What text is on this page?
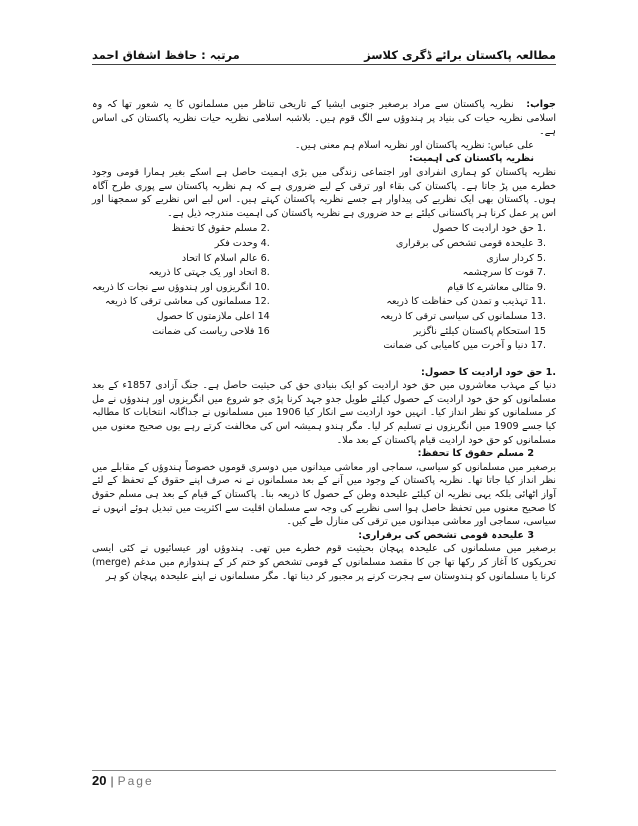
مطالعہ پاکستان برائے ڈگری کلاسز
مرتبہ : حافظ اشفاق احمد

جواب: نظریہ پاکستان سے مراد برصغیر جنوبی ایشیا کے تاریخی تناظر میں مسلمانوں کا یہ شعور تھا کہ وہ اسلامی نظریہ حیات کی بنیاد پر ہندوؤں سے الگ قوم ہیں۔ بلاشبہ اسلامی نظریہ حیات نظریہ پاکستان کی اساس ہے۔

علی عباس: نظریہ پاکستان اور نظریہ اسلام ہم معنی ہیں۔

نظریہ پاکستان کی اہمیت:

نظریہ پاکستان کو ہماری انفرادی اور اجتماعی زندگی میں بڑی اہمیت حاصل ہے اسکے بغیر ہمارا قومی وجود خطرے میں پڑ جاتا ہے۔ پاکستان کی بقاء اور ترقی کے لیے ضروری ہے کہ ہم نظریہ پاکستان سے پوری طرح آگاہ ہوں۔ پاکستان بھی ایک نظریے کی پیداوار ہے جسے نظریہ پاکستان کہتے ہیں۔ اس لیے اس نظریے کو سمجھنا اور اس پر عمل کرنا ہر پاکستانی کیلئے بے حد ضروری ہے نظریہ پاکستان کی اہمیت مندرجہ ذیل ہے۔

.1 حق خود ارادیت کا حصول
.2 مسلم حقوق کا تحفظ
.3 علیحدہ قومی تشخص کی برقراری
.4 وحدت فکر
.5 کردار سازی
.6 عالم اسلام کا اتحاد
.7 قوت کا سرچشمہ
.8 اتحاد اور یک جہتی کا ذریعہ
.9 مثالی معاشرے کا قیام
.10 انگریزوں اور ہندوؤں سے نجات کا ذریعہ
.11 تہذیب و تمدن کی حفاظت کا ذریعہ
.12 مسلمانوں کی معاشی ترقی کا ذریعہ
.13 مسلمانوں کی سیاسی ترقی کا ذریعہ
14 اعلی ملازمتوں کا حصول
15 استحکام پاکستان کیلئے ناگزیر
16 فلاحی ریاست کی ضمانت
.17 دنیا و آخرت میں کامیابی کی ضمانت

.1 حق خود ارادیت کا حصول:

دنیا کے مہذب معاشروں میں حق خود ارادیت کو ایک بنیادی حق کی حیثیت حاصل ہے۔ جنگ آزادی 1857ء کے بعد مسلمانوں کو حق خود ارادیت کے حصول کیلئے طویل جدو جہد کرنا پڑی جو شروع میں انگریزوں اور ہندوؤں نے مل کر مسلمانوں کو نظر انداز کیا۔ انہیں خود ارادیت سے انکار کیا 1906 میں مسلمانوں نے جداگانہ انتخابات کا مطالبہ کیا جسے 1909 میں انگریزوں نے تسلیم کر لیا۔ مگر ہندو ہمیشہ اس کی مخالفت کرتے رہے یوں صحیح معنوں میں مسلمانوں کو حق خود ارادیت قیام پاکستان کے بعد ملا۔

2 مسلم حقوق کا تحفظ:

برصغیر میں مسلمانوں کو سیاسی، سماجی اور معاشی میدانوں میں دوسری قوموں خصوصاً ہندوؤں کے مقابلے میں نظر انداز کیا جاتا تھا۔ نظریہ پاکستان کے وجود میں آنے کے بعد مسلمانوں نے نہ صرف اپنے حقوق کے تحفظ کے لئے آواز اٹھائی بلکہ یہی نظریہ ان کیلئے علیحدہ وطن کے حصول کا ذریعہ بنا۔ پاکستان کے قیام کے بعد ہی مسلم حقوق کا صحیح معنوں میں تحفظ حاصل ہوا اسی نظریے کی وجہ سے مسلمان اقلیت سے اکثریت میں تبدیل ہوئے انہوں نے سیاسی، سماجی اور معاشی میدانوں میں ترقی کی منازل طے کیں۔

3 علیحدہ قومی تشخص کی برقراری:

برصغیر میں مسلمانوں کی علیحدہ پہچان بحیثیت قوم خطرے میں تھی۔ ہندوؤں اور عیسائیوں نے کئی ایسی تحریکوں کا آغاز کر رکھا تھا جن کا مقصد مسلمانوں کے قومی تشخص کو ختم کر کے ہندوازم میں مدغم (merge) کرنا یا مسلمانوں کو ہندوستان سے ہجرت کرنے پر مجبور کر دینا تھا۔ مگر مسلمانوں نے اپنے علیحدہ پہچان کو ہر

20 | Page
